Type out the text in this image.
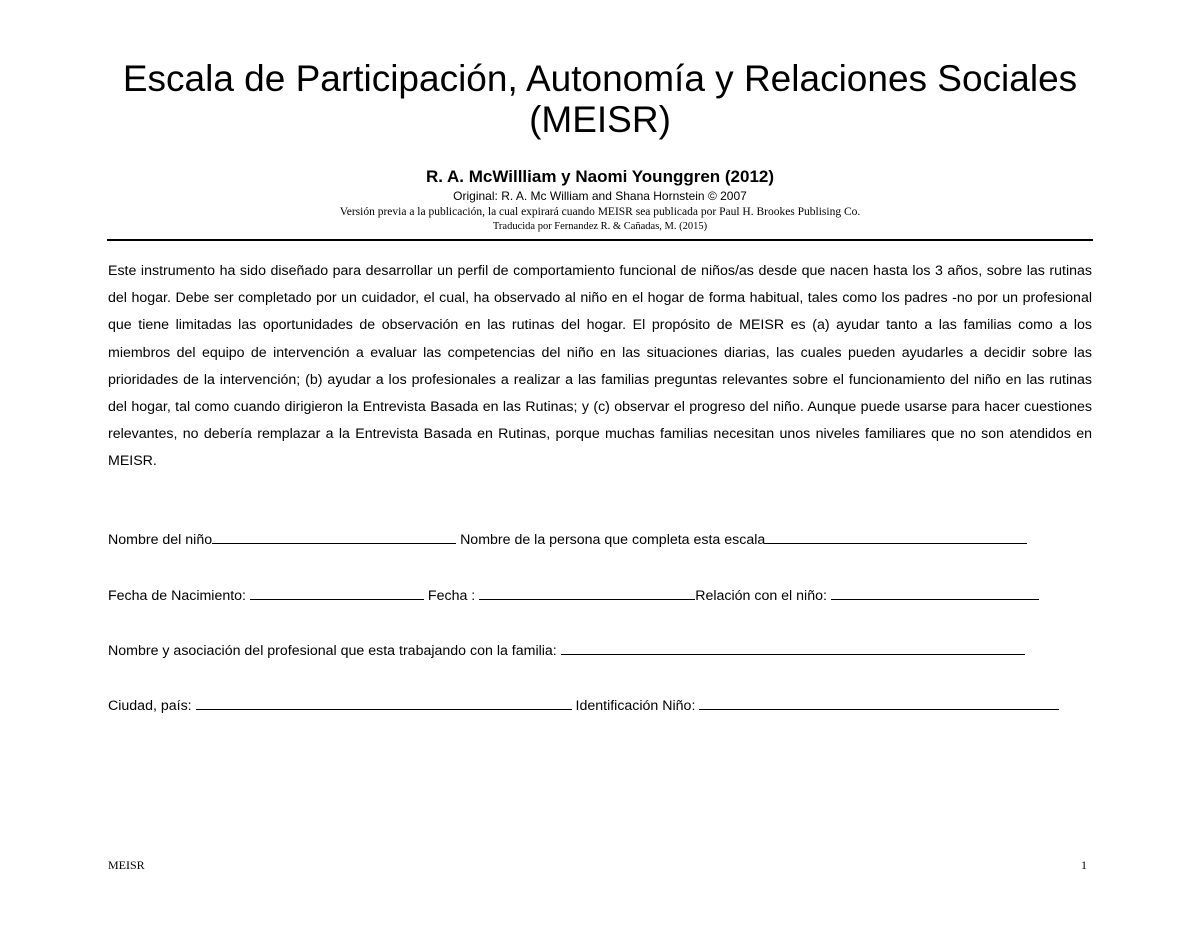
Escala de Participación, Autonomía y Relaciones Sociales
(MEISR)

R. A. McWillliam y Naomi Younggren (2012)

Original: R. A. Mc William and Shana Hornstein © 2007

Versión previa a la publicación, la cual expirará cuando MEISR sea publicada por Paul H. Brookes Publising Co.

Traducida por Fernandez R. & Cañadas, M. (2015)

Este instrumento ha sido diseñado para desarrollar un perfil de comportamiento funcional de niños/as desde que nacen hasta los 3 años, sobre las rutinas del hogar. Debe ser completado por un cuidador, el cual, ha observado al niño en el hogar de forma habitual, tales como los padres -no por un profesional que tiene limitadas las oportunidades de observación en las rutinas del hogar. El propósito de MEISR es (a) ayudar tanto a las familias como a los miembros del equipo de intervención a evaluar las competencias del niño en las situaciones diarias, las cuales pueden ayudarles a decidir sobre las prioridades de la intervención; (b) ayudar a los profesionales a realizar a las familias preguntas relevantes sobre el funcionamiento del niño en las rutinas del hogar, tal como cuando dirigieron la Entrevista Basada en las Rutinas; y (c) observar el progreso del niño. Aunque puede usarse para hacer cuestiones relevantes, no debería remplazar a la Entrevista Basada en Rutinas, porque muchas familias necesitan unos niveles familiares que no son atendidos en MEISR.

Nombre del niño	Nombre de la persona que completa esta escala

Fecha de Nacimiento:	Fecha :	Relación con el niño:

Nombre y asociación del profesional que esta trabajando con la familia:

Ciudad, país:	Identificación Niño:

MEISR	1
